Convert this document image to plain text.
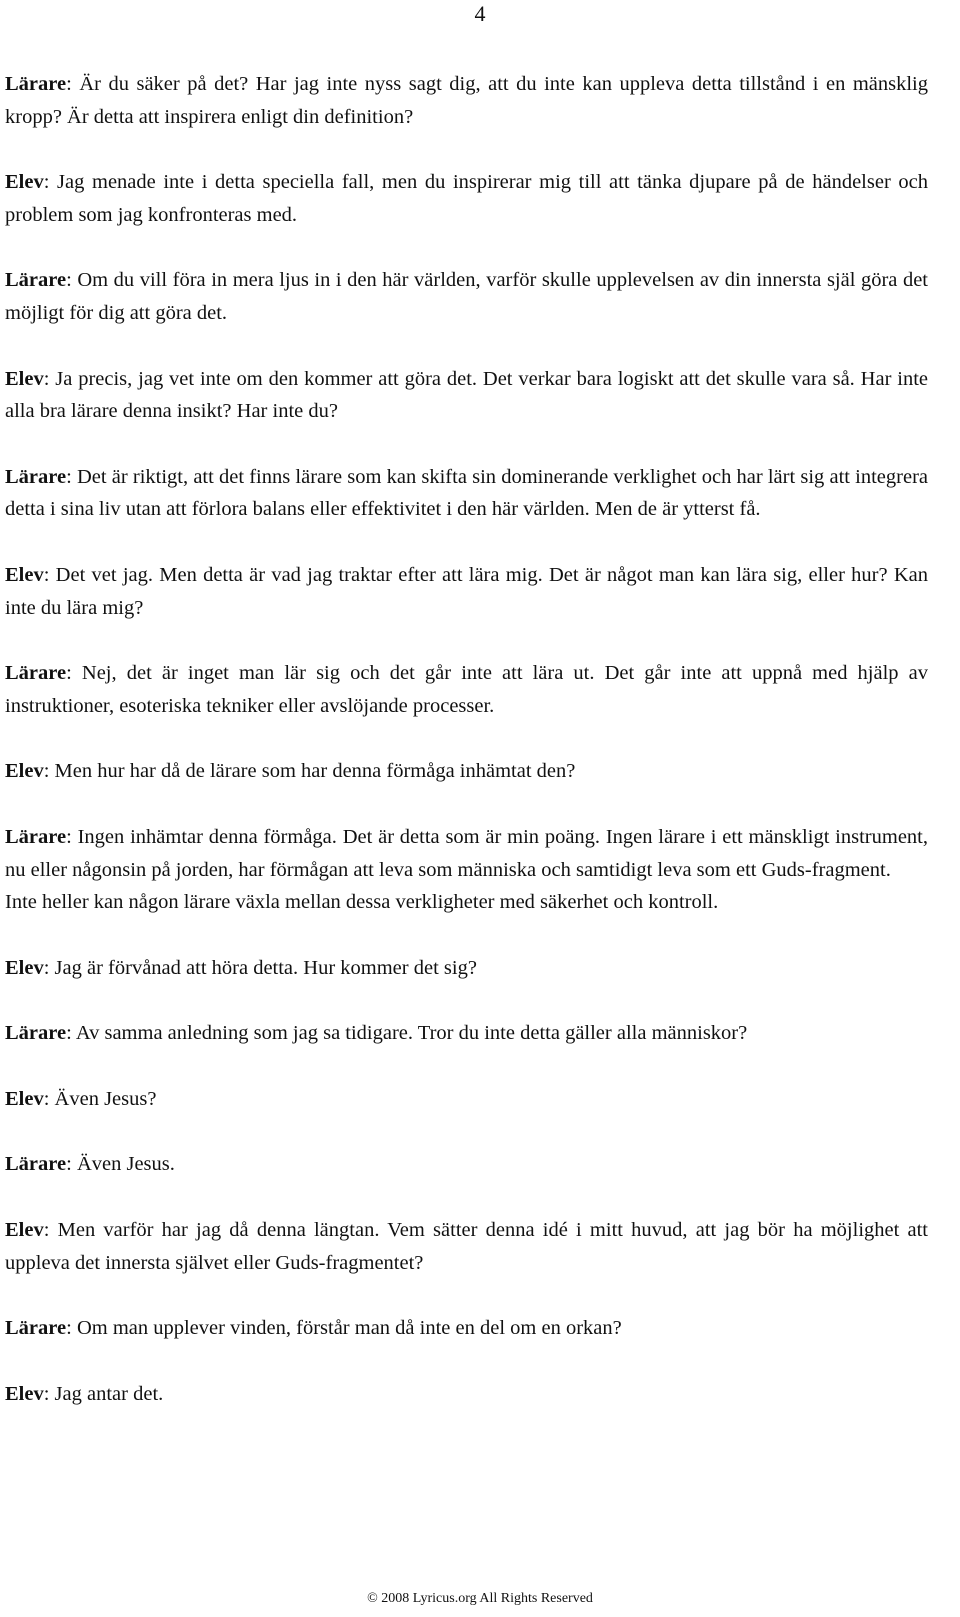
4

Lärare: Är du säker på det? Har jag inte nyss sagt dig, att du inte kan uppleva detta tillstånd i en mänsklig kropp? Är detta att inspirera enligt din definition?

Elev: Jag menade inte i detta speciella fall, men du inspirerar mig till att tänka djupare på de händelser och problem som jag konfronteras med.

Lärare: Om du vill föra in mera ljus in i den här världen, varför skulle upplevelsen av din innersta själ göra det möjligt för dig att göra det.

Elev: Ja precis, jag vet inte om den kommer att göra det. Det verkar bara logiskt att det skulle vara så. Har inte alla bra lärare denna insikt? Har inte du?

Lärare: Det är riktigt, att det finns lärare som kan skifta sin dominerande verklighet och har lärt sig att integrera detta i sina liv utan att förlora balans eller effektivitet i den här världen. Men de är ytterst få.

Elev: Det vet jag. Men detta är vad jag traktar efter att lära mig. Det är något man kan lära sig, eller hur? Kan inte du lära mig?

Lärare: Nej, det är inget man lär sig och det går inte att lära ut. Det går inte att uppnå med hjälp av instruktioner, esoteriska tekniker eller avslöjande processer.

Elev: Men hur har då de lärare som har denna förmåga inhämtat den?

Lärare: Ingen inhämtar denna förmåga. Det är detta som är min poäng. Ingen lärare i ett mänskligt instrument, nu eller någonsin på jorden, har förmågan att leva som människa och samtidigt leva som ett Guds-fragment.

Inte heller kan någon lärare växla mellan dessa verkligheter med säkerhet och kontroll.

Elev: Jag är förvånad att höra detta. Hur kommer det sig?

Lärare: Av samma anledning som jag sa tidigare. Tror du inte detta gäller alla människor?

Elev: Även Jesus?

Lärare: Även Jesus.

Elev: Men varför har jag då denna längtan. Vem sätter denna idé i mitt huvud, att jag bör ha möjlighet att uppleva det innersta självet eller Guds-fragmentet?

Lärare: Om man upplever vinden, förstår man då inte en del om en orkan?

Elev: Jag antar det.

© 2008 Lyricus.org All Rights Reserved
